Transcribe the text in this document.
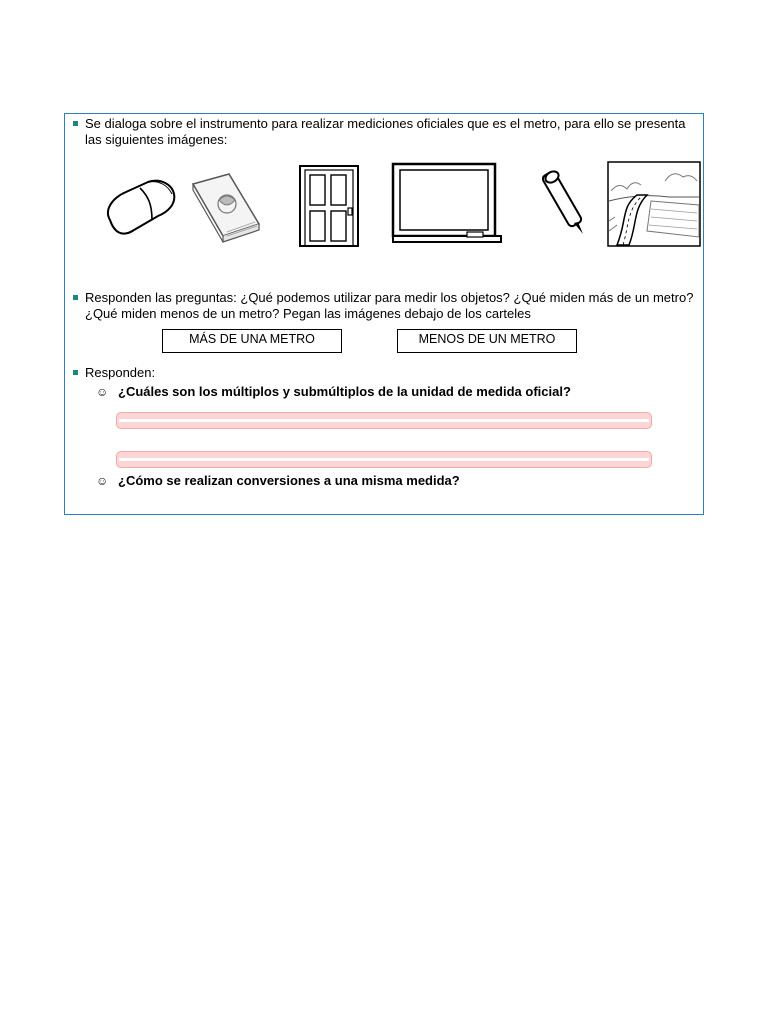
Se dialoga sobre el instrumento para realizar mediciones oficiales que es el metro, para ello se presenta las siguientes imágenes:
Responden las preguntas: ¿Qué podemos utilizar para medir los objetos? ¿Qué miden más de un metro? ¿Qué miden menos de un metro? Pegan las imágenes debajo de los carteles
MÁS DE UNA METRO	MENOS DE UN METRO
Responden:
☺ ¿Cuáles son los múltiplos y submúltiplos de la unidad de medida oficial?
☺ ¿Cómo se realizan conversiones a una misma medida?
